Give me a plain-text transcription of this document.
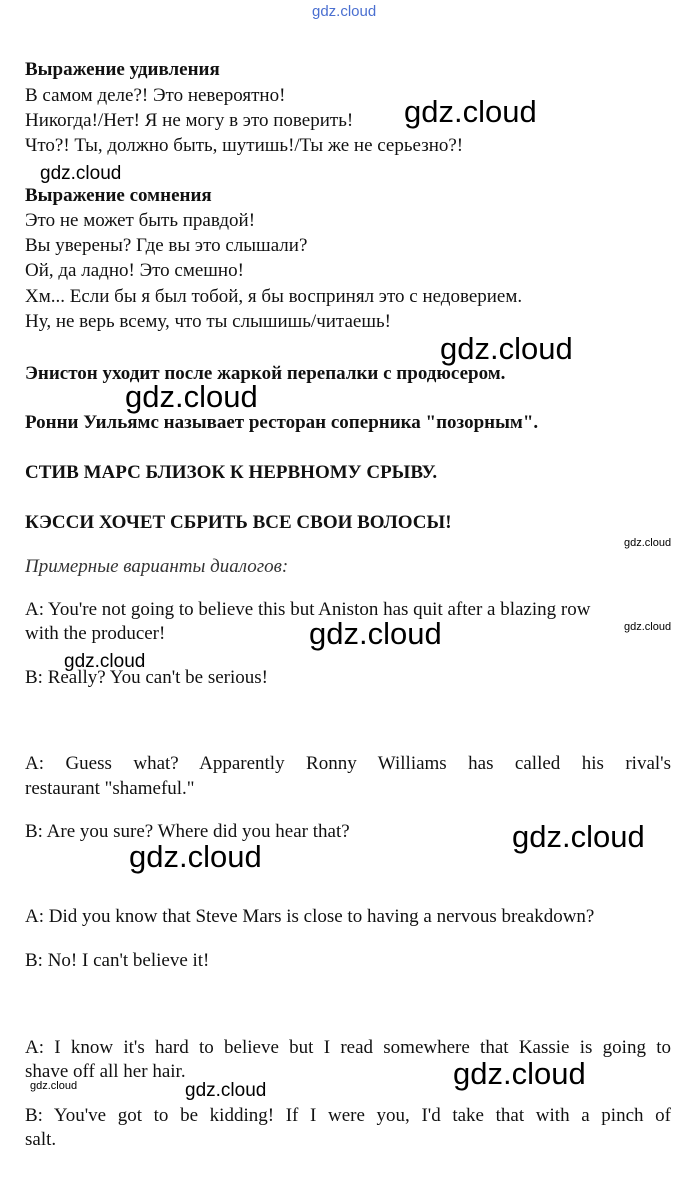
gdz.cloud
Выражение удивления
В самом деле?! Это невероятно!
Никогда!/Нет! Я не могу в это поверить!
Что?! Ты, должно быть, шутишь!/Ты же не серьезно?!
Выражение сомнения
Это не может быть правдой!
Вы уверены? Где вы это слышали?
Ой, да ладно! Это смешно!
Хм... Если бы я был тобой, я бы воспринял это с недоверием.
Ну, не верь всему, что ты слышишь/читаешь!
Энистон уходит после жаркой перепалки с продюсером.
Ронни Уильямс называет ресторан соперника "позорным".
СТИВ МАРС БЛИЗОК К НЕРВНОМУ СРЫВУ.
КЭССИ ХОЧЕТ СБРИТЬ ВСЕ СВОИ ВОЛОСЫ!
Примерные варианты диалогов:
A: You're not going to believe this but Aniston has quit after a blazing row
with the producer!
B: Really? You can't be serious!
A: Guess what? Apparently Ronny Williams has called his rival's
restaurant "shameful."
B: Are you sure? Where did you hear that?
A: Did you know that Steve Mars is close to having a nervous breakdown?
B: No! I can't believe it!
A: I know it's hard to believe but I read somewhere that Kassie is going to
shave off all her hair.
B: You've got to be kidding! If I were you, I'd take that with a pinch of
salt.
gdz.cloud
gdz.cloud
gdz.cloud
gdz.cloud
gdz.cloud
gdz.cloud	gdz.cloud
gdz.cloud
gdz.cloud
gdz.cloud
gdz.cloud
gdz.cloud	gdz.cloud
